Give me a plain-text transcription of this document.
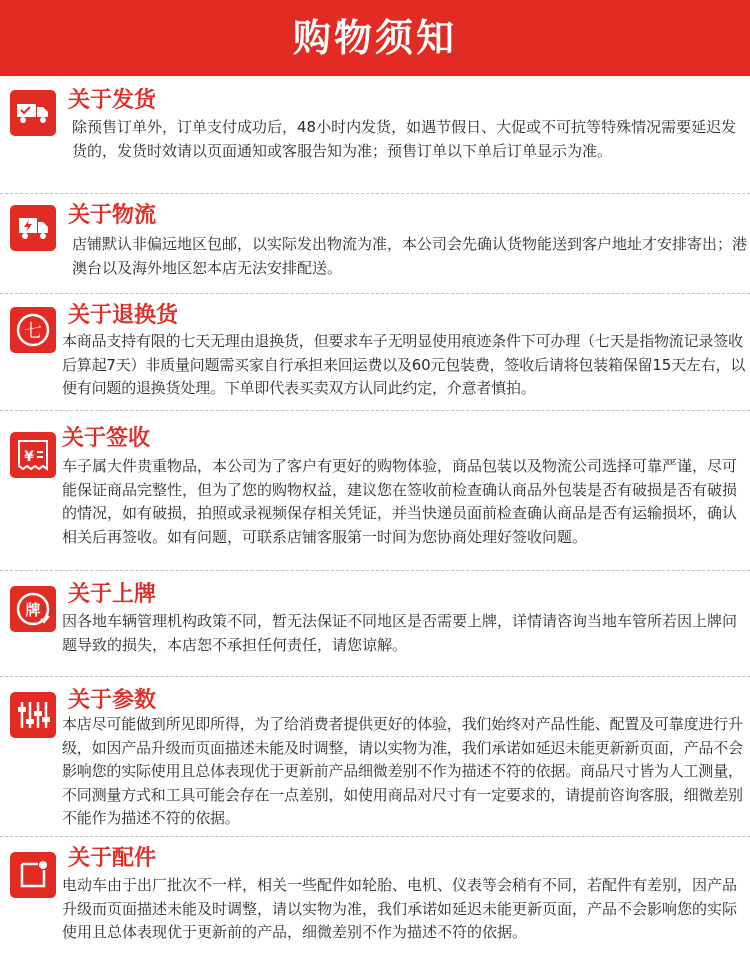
购物须知
关于发货
除预售订单外，订单支付成功后，48小时内发货，如遇节假日、大促或不可抗等特殊情况需要延迟发货的，发货时效请以页面通知或客服告知为准；预售订单以下单后订单显示为准。
关于物流
店铺默认非偏远地区包邮，以实际发出物流为准，本公司会先确认货物能送到客户地址才安排寄出；港澳台以及海外地区恕本店无法安排配送。
七
关于退换货
本商品支持有限的七天无理由退换货，但要求车子无明显使用痕迹条件下可办理（七天是指物流记录签收后算起7天）非质量问题需买家自行承担来回运费以及60元包装费，签收后请将包装箱保留15天左右，以便有问题的退换货处理。下单即代表买卖双方认同此约定，介意者慎拍。
¥
关于签收
车子属大件贵重物品，本公司为了客户有更好的购物体验，商品包装以及物流公司选择可靠严谨，尽可能保证商品完整性，但为了您的购物权益，建议您在签收前检查确认商品外包装是否有破损是否有破损的情况，如有破损，拍照或录视频保存相关凭证，并当快递员面前检查确认商品是否有运输损坏，确认相关后再签收。如有问题，可联系店铺客服第一时间为您协商处理好签收问题。
牌
关于上牌
因各地车辆管理机构政策不同，暂无法保证不同地区是否需要上牌，详情请咨询当地车管所若因上牌问题导致的损失，本店恕不承担任何责任，请您谅解。
关于参数
本店尽可能做到所见即所得，为了给消费者提供更好的体验，我们始终对产品性能、配置及可靠度进行升级，如因产品升级而页面描述未能及时调整，请以实物为准，我们承诺如延迟未能更新新页面，产品不会影响您的实际使用且总体表现优于更新前产品细微差别不作为描述不符的依据。商品尺寸皆为人工测量，不同测量方式和工具可能会存在一点差别，如使用商品对尺寸有一定要求的，请提前咨询客服，细微差别不能作为描述不符的依据。
关于配件
电动车由于出厂批次不一样，相关一些配件如轮胎、电机、仪表等会稍有不同，若配件有差别，因产品升级而页面描述未能及时调整，请以实物为准，我们承诺如延迟未能更新页面，产品不会影响您的实际使用且总体表现优于更新前的产品，细微差别不作为描述不符的依据。
